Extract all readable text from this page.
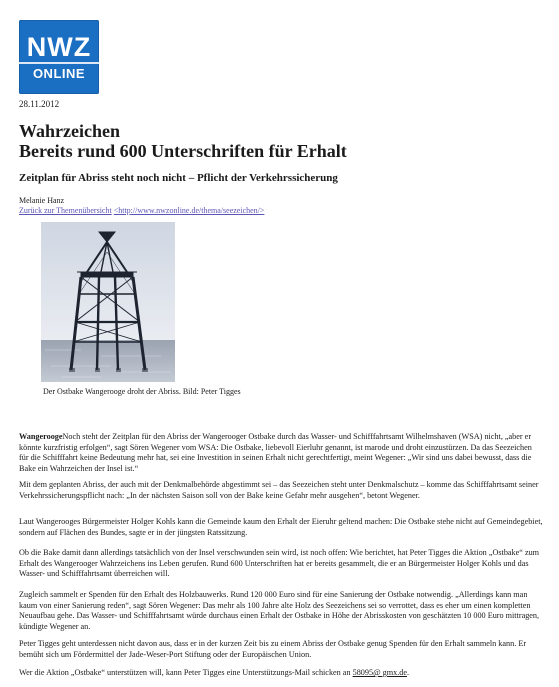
NWZ
ONLINE
28.11.2012
Wahrzeichen
Bereits rund 600 Unterschriften für Erhalt
Zeitplan für Abriss steht noch nicht – Pflicht der Verkehrssicherung
Melanie Hanz
Zurück zur Themenübersicht <http://www.nwzonline.de/thema/seezeichen/>
Der Ostbake Wangerooge droht der Abriss. Bild: Peter Tigges

WangeroogeNoch steht der Zeitplan für den Abriss der Wangerooger Ostbake durch das Wasser- und Schifffahrtsamt Wilhelmshaven (WSA) nicht, „aber er könnte kurzfristig erfolgen“, sagt Sören Wegener vom WSA: Die Ostbake, liebevoll Eierluhr genannt, ist marode und droht einzustürzen. Da das Seezeichen für die Schifffahrt keine Bedeutung mehr hat, sei eine Investition in seinen Erhalt nicht gerechtfertigt, meint Wegener: „Wir sind uns dabei bewusst, dass die Bake ein Wahrzeichen der Insel ist.“

Mit dem geplanten Abriss, der auch mit der Denkmalbehörde abgestimmt sei – das Seezeichen steht unter Denkmalschutz – komme das Schifffahrtsamt seiner Verkehrssicherungspflicht nach: „In der nächsten Saison soll von der Bake keine Gefahr mehr ausgehen“, betont Wegener.

Laut Wangerooges Bürgermeister Holger Kohls kann die Gemeinde kaum den Erhalt der Eieruhr geltend machen: Die Ostbake stehe nicht auf Gemeindegebiet, sondern auf Flächen des Bundes, sagte er in der jüngsten Ratssitzung.

Ob die Bake damit dann allerdings tatsächlich von der Insel verschwunden sein wird, ist noch offen: Wie berichtet, hat Peter Tigges die Aktion „Ostbake“ zum Erhalt des Wangerooger Wahrzeichens ins Leben gerufen. Rund 600 Unterschriften hat er bereits gesammelt, die er an Bürgermeister Holger Kohls und das Wasser- und Schifffahrtsamt überreichen will.

Zugleich sammelt er Spenden für den Erhalt des Holzbauwerks. Rund 120 000 Euro sind für eine Sanierung der Ostbake notwendig. „Allerdings kann man kaum von einer Sanierung reden“, sagt Sören Wegener: Das mehr als 100 Jahre alte Holz des Seezeichens sei so verrottet, dass es eher um einen kompletten Neuaufbau gehe. Das Wasser- und Schifffahrtsamt würde durchaus einen Erhalt der Ostbake in Höhe der Abrisskosten von geschätzten 10 000 Euro mittragen, kündigte Wegener an.

Peter Tigges geht unterdessen nicht davon aus, dass er in der kurzen Zeit bis zu einem Abriss der Ostbake genug Spenden für den Erhalt sammeln kann. Er bemüht sich um Fördermittel der Jade-Weser-Port Stiftung oder der Europäischen Union.

Wer die Aktion „Ostbake“ unterstützen will, kann Peter Tigges eine Unterstützungs-Mail schicken an 58095@ gmx.de.
